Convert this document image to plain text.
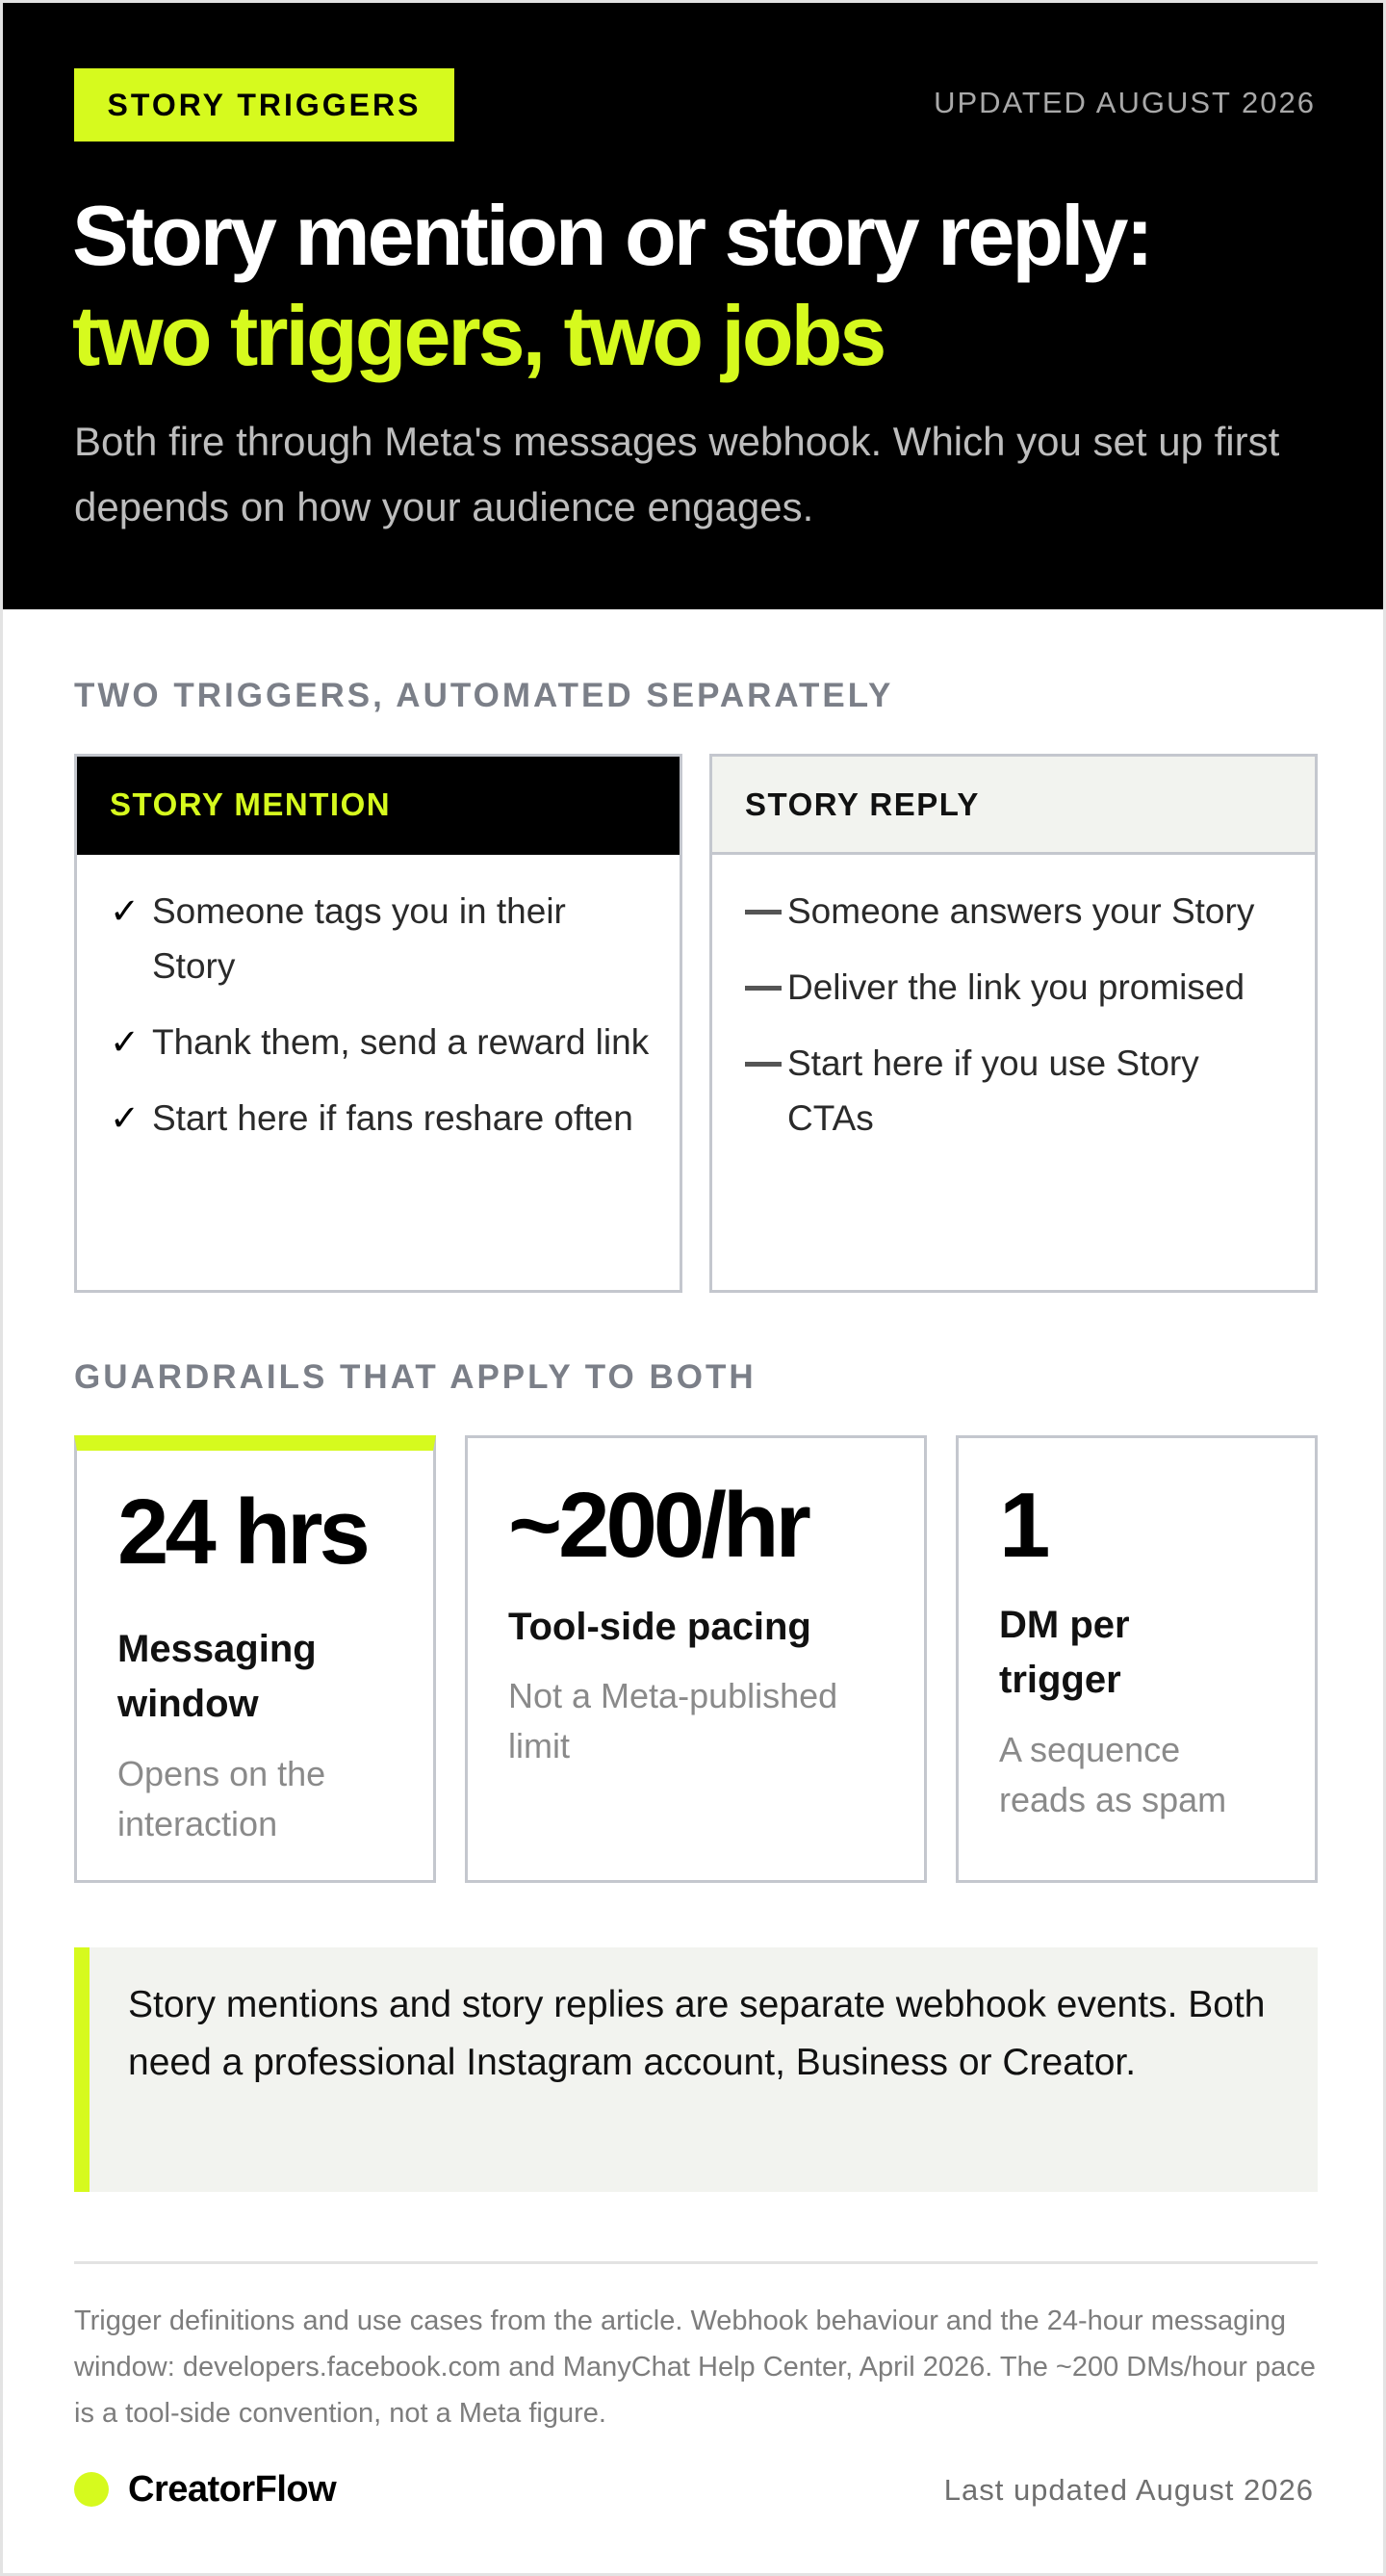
STORY TRIGGERS	UPDATED AUGUST 2026
Story mention or story reply:
two triggers, two jobs

Both fire through Meta's messages webhook. Which you set up first depends on how your audience engages.

TWO TRIGGERS, AUTOMATED SEPARATELY
STORY MENTION
✓ Someone tags you in their Story
✓ Thank them, send a reward link
✓ Start here if fans reshare often
STORY REPLY
Someone answers your Story
Deliver the link you promised
Start here if you use Story CTAs
GUARDRAILS THAT APPLY TO BOTH
24 hrs
Messaging window
Opens on the interaction
~200/hr
Tool-side pacing
Not a Meta-published limit
1
DM per trigger
A sequence reads as spam

Story mentions and story replies are separate webhook events. Both need a professional Instagram account, Business or Creator.

Trigger definitions and use cases from the article. Webhook behaviour and the 24-hour messaging window: developers.facebook.com and ManyChat Help Center, April 2026. The ~200 DMs/hour pace is a tool-side convention, not a Meta figure.

CreatorFlow	Last updated August 2026
